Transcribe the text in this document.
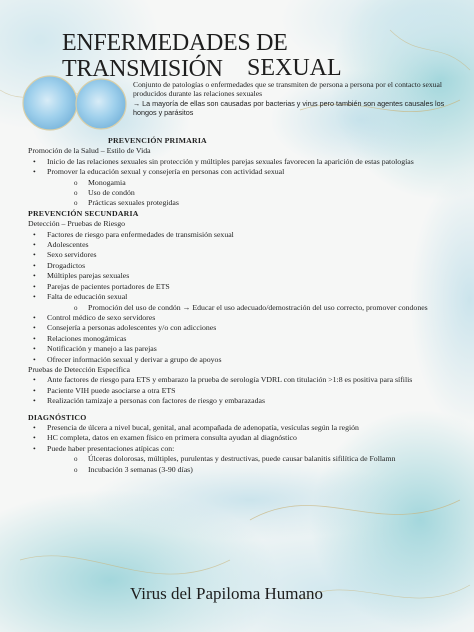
ENFERMEDADES DE TRANSMISIÓN	SEXUAL
Conjunto de patologías o enfermedades que se transmiten de persona a persona por el contacto sexual producidos durante las relaciones sexuales
→ La mayoría de ellas son causadas por bacterias y virus pero también son agentes causales los hongos y parásitos
PREVENCIÓN PRIMARIA
Promoción de la Salud – Estilo de Vida
• Inicio de las relaciones sexuales sin protección y múltiples parejas sexuales favorecen la aparición de estas patologías
• Promover la educación sexual y consejería en personas con actividad sexual
o Monogamia
o Uso de condón
o Prácticas sexuales protegidas
PREVENCIÓN SECUNDARIA
Detección – Pruebas de Riesgo
• Factores de riesgo para enfermedades de transmisión sexual
• Adolescentes
• Sexo servidores
• Drogadictos
• Múltiples parejas sexuales
• Parejas de pacientes portadores de ETS
• Falta de educación sexual
o Promoción del uso de condón → Educar el uso adecuado/demostración del uso correcto, promover condones
• Control médico de sexo servidores
• Consejería a personas adolescentes y/o con adicciones
• Relaciones monogámicas
• Notificación y manejo a las parejas
• Ofrecer información sexual y derivar a grupo de apoyos
Pruebas de Detección Específica
• Ante factores de riesgo para ETS y embarazo la prueba de serología VDRL con titulación >1:8 es positiva para sífilis
• Paciente VIH puede asociarse a otra ETS
• Realización tamizaje a personas con factores de riesgo y embarazadas
DIAGNÓSTICO
• Presencia de úlcera a nivel bucal, genital, anal acompañada de adenopatía, vesículas según la región
• HC completa, datos en examen físico en primera consulta ayudan al diagnóstico
• Puede haber presentaciones atípicas con:
o Úlceras dolorosas, múltiples, purulentas y destructivas, puede causar balanitis sifilítica de Follamn
o Incubación 3 semanas (3-90 días)
Virus del Papiloma Humano
